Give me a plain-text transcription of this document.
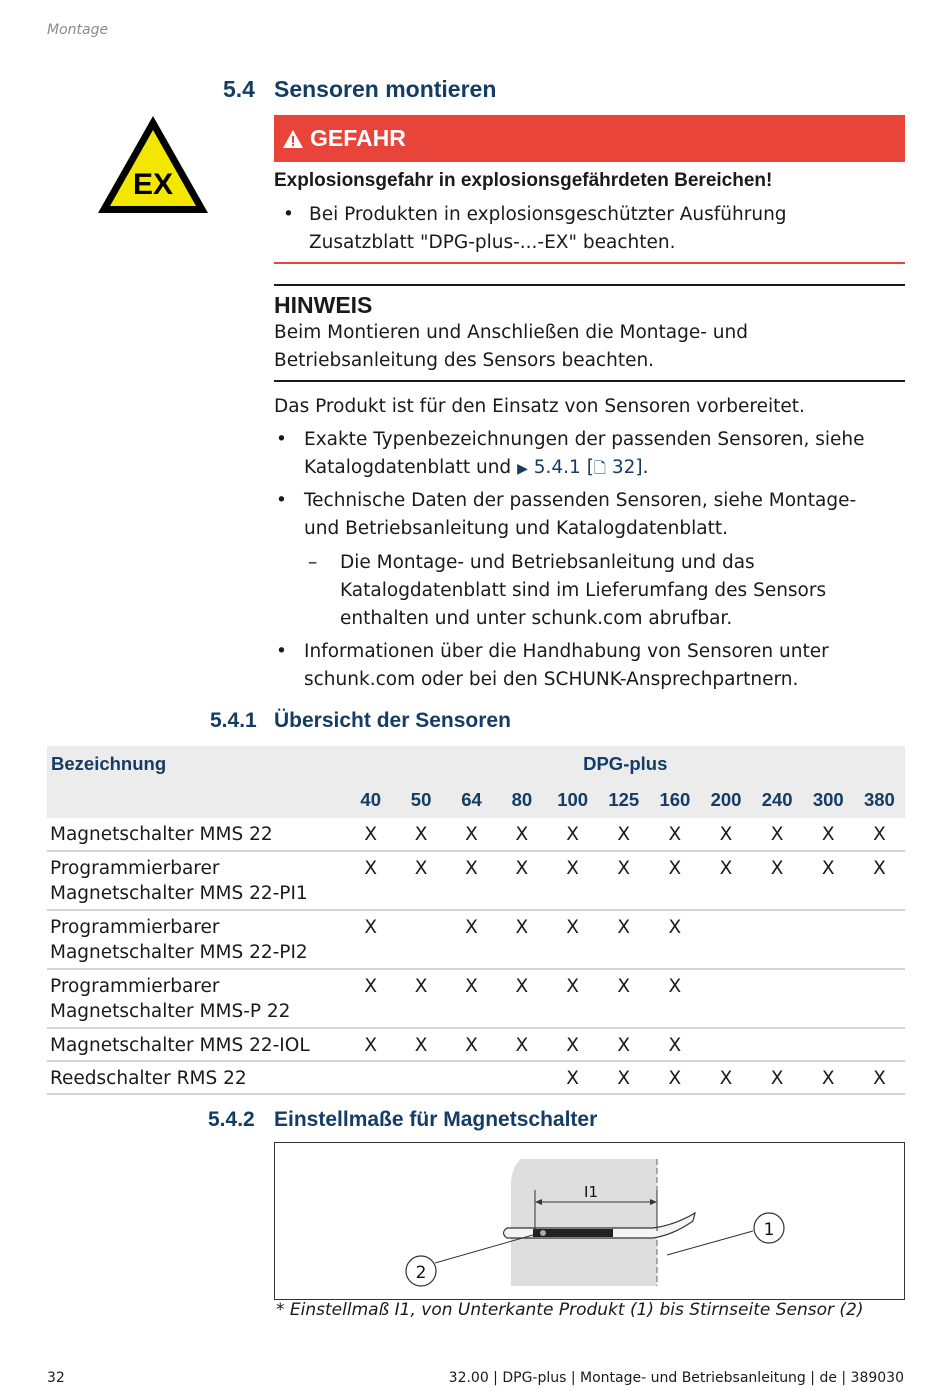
Montage
5.4 Sensoren montieren
EX
GEFAHR
Explosionsgefahr in explosionsgefährdeten Bereichen!
• Bei Produkten in explosionsgeschützter Ausführung
Zusatzblatt "DPG-plus-...-EX" beachten.
HINWEIS
Beim Montieren und Anschließen die Montage- und
Betriebsanleitung des Sensors beachten.
Das Produkt ist für den Einsatz von Sensoren vorbereitet.
• Exakte Typenbezeichnungen der passenden Sensoren, siehe
Katalogdatenblatt und ▶ 5.4.1 [🗋 32].
• Technische Daten der passenden Sensoren, siehe Montage-
und Betriebsanleitung und Katalogdatenblatt.
– Die Montage- und Betriebsanleitung und das
Katalogdatenblatt sind im Lieferumfang des Sensors
enthalten und unter schunk.com abrufbar.
• Informationen über die Handhabung von Sensoren unter
schunk.com oder bei den SCHUNK-Ansprechpartnern.
5.4.1 Übersicht der Sensoren
Bezeichnung	DPG-plus										
	40	50	64	80	100	125	160	200	240	300	380

Magnetschalter MMS 22	X	X	X	X	X	X	X	X	X	X	X

Programmierbarer
Magnetschalter MMS 22-PI1	X	X	X	X	X	X	X	X	X	X	X

Programmierbarer
Magnetschalter MMS 22-PI2	X		X	X	X	X	X				

Programmierbarer
Magnetschalter MMS-P 22	X	X	X	X	X	X	X				

Magnetschalter MMS 22-IOL	X	X	X	X	X	X	X				

Reedschalter RMS 22					X	X	X	X	X	X	X
5.4.2 Einstellmaße für Magnetschalter
I1
1
2
* Einstellmaß I1, von Unterkante Produkt (1) bis Stirnseite Sensor (2)
32	32.00 | DPG-plus | Montage- und Betriebsanleitung | de | 389030
